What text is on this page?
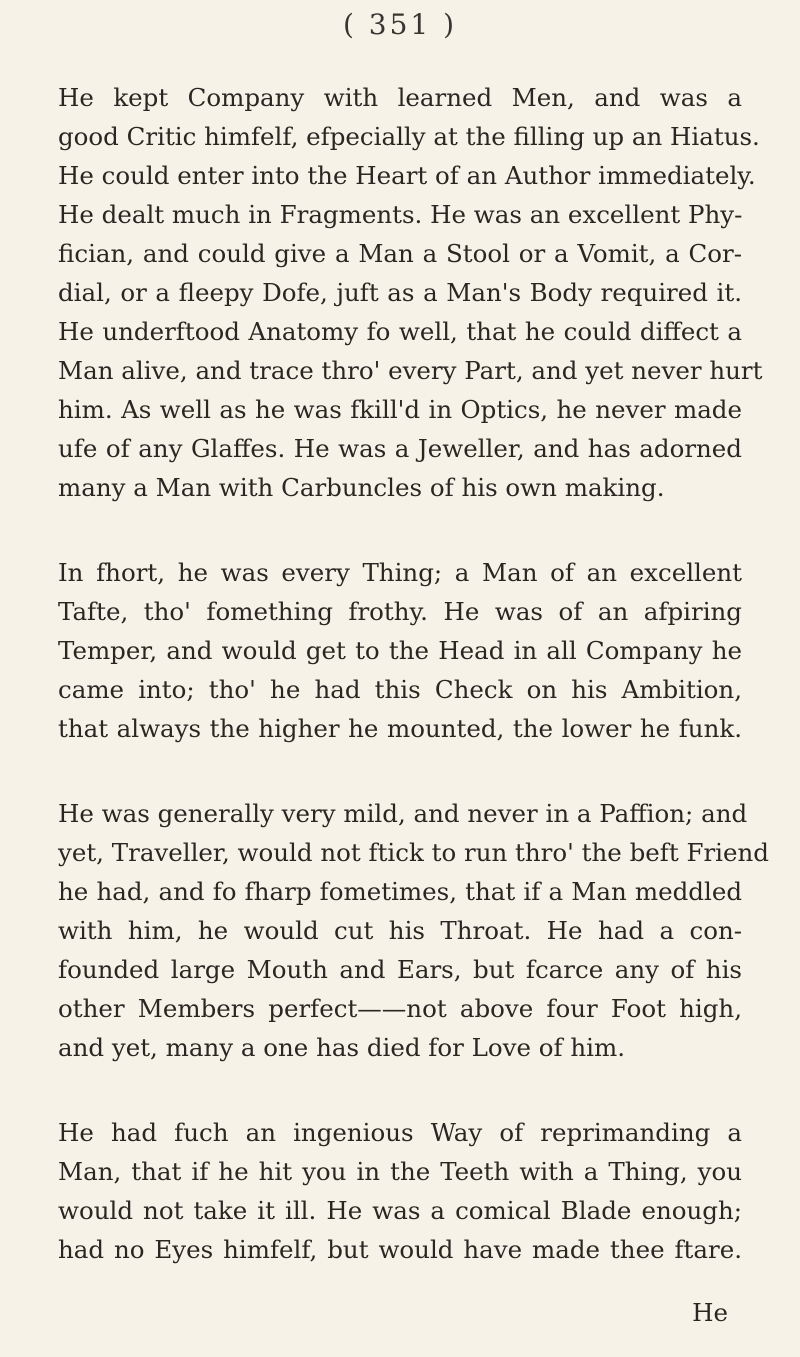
( 351 )

He kept Company with learned Men, and was a
good Critic himfelf, efpecially at the filling up an Hiatus.
He could enter into the Heart of an Author immediately.
He dealt much in Fragments. He was an excellent Phy-
fician, and could give a Man a Stool or a Vomit, a Cor-
dial, or a fleepy Dofe, juft as a Man's Body required it.
He underftood Anatomy fo well, that he could diffect a
Man alive, and trace thro' every Part, and yet never hurt
him. As well as he was fkill'd in Optics, he never made
ufe of any Glaffes. He was a Jeweller, and has adorned
many a Man with Carbuncles of his own making.

In fhort, he was every Thing; a Man of an excellent
Tafte, tho' fomething frothy. He was of an afpiring
Temper, and would get to the Head in all Company he
came into; tho' he had this Check on his Ambition,
that always the higher he mounted, the lower he funk.

He was generally very mild, and never in a Paffion; and
yet, Traveller, would not ftick to run thro' the beft Friend
he had, and fo fharp fometimes, that if a Man meddled
with him, he would cut his Throat. He had a con-
founded large Mouth and Ears, but fcarce any of his
other Members perfect——not above four Foot high,
and yet, many a one has died for Love of him.

He had fuch an ingenious Way of reprimanding a
Man, that if he hit you in the Teeth with a Thing, you
would not take it ill. He was a comical Blade enough;
had no Eyes himfelf, but would have made thee ftare.

He
